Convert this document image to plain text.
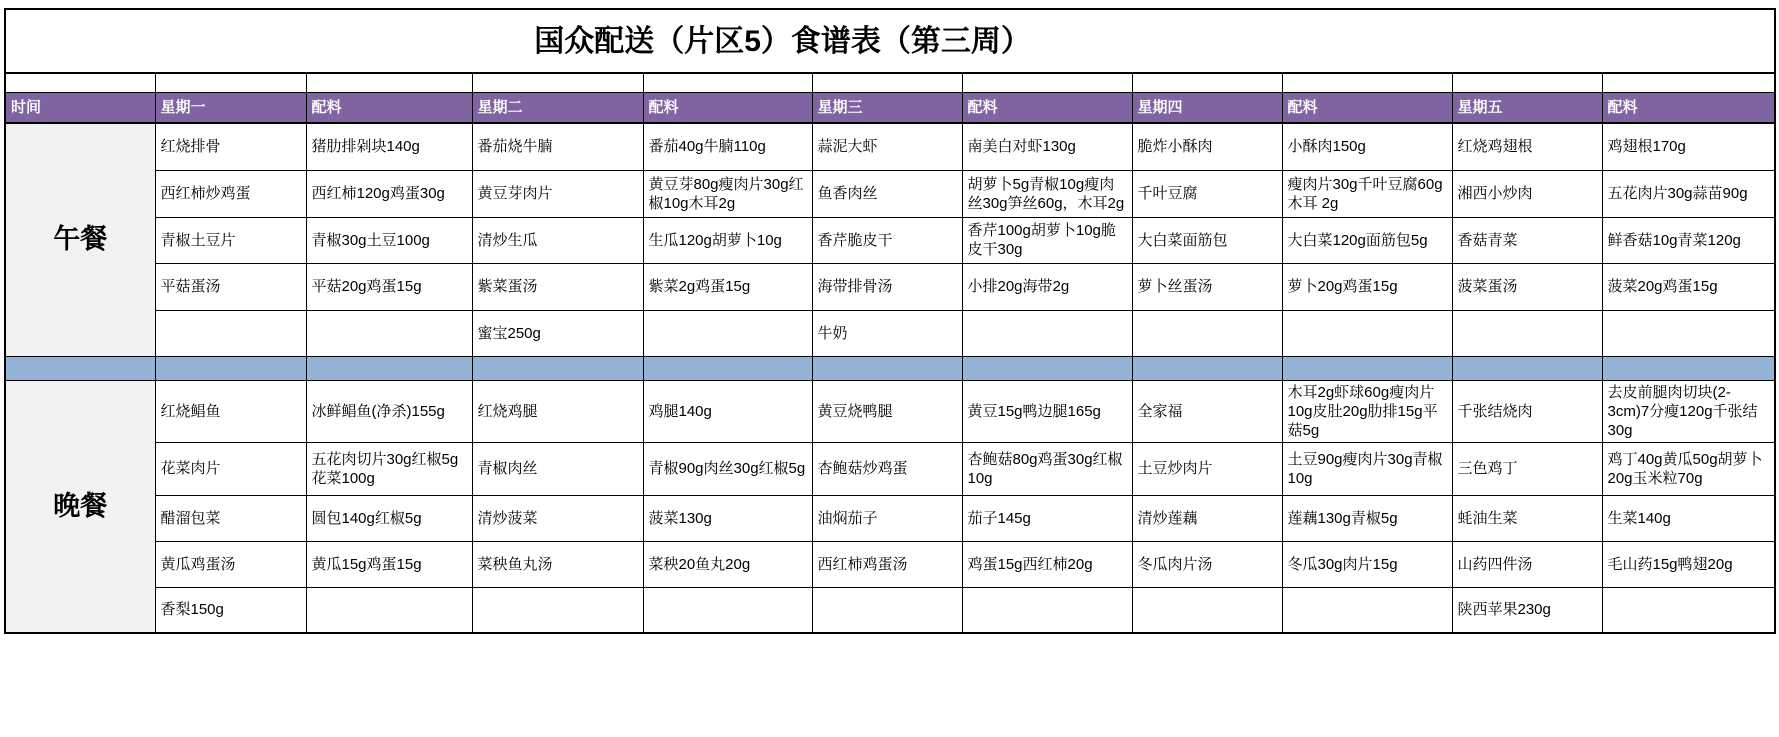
国众配送（片区5）食谱表（第三周）										

时间	星期一	配料	星期二	配料	星期三	配料	星期四	配料	星期五	配料
午餐	红烧排骨	猪肋排剁块140g	番茄烧牛腩	番茄40g牛腩110g	蒜泥大虾	南美白对虾130g	脆炸小酥肉	小酥肉150g	红烧鸡翅根	鸡翅根170g
	西红柿炒鸡蛋	西红柿120g鸡蛋30g	黄豆芽肉片	黄豆芽80g瘦肉片30g红椒10g木耳2g	鱼香肉丝	胡萝卜5g青椒10g瘦肉丝30g笋丝60g，木耳2g	千叶豆腐	瘦肉片30g千叶豆腐60g木耳 2g	湘西小炒肉	五花肉片30g蒜苗90g
	青椒土豆片	青椒30g土豆100g	清炒生瓜	生瓜120g胡萝卜10g	香芹脆皮干	香芹100g胡萝卜10g脆皮干30g	大白菜面筋包	大白菜120g面筋包5g	香菇青菜	鲜香菇10g青菜120g
	平菇蛋汤	平菇20g鸡蛋15g	紫菜蛋汤	紫菜2g鸡蛋15g	海带排骨汤	小排20g海带2g	萝卜丝蛋汤	萝卜20g鸡蛋15g	菠菜蛋汤	菠菜20g鸡蛋15g
			蜜宝250g		牛奶					

晚餐	红烧鲳鱼	冰鲜鲳鱼(净杀)155g	红烧鸡腿	鸡腿140g	黄豆烧鸭腿	黄豆15g鸭边腿165g	全家福	木耳2g虾球60g瘦肉片10g皮肚20g肋排15g平菇5g	千张结烧肉	去皮前腿肉切块(2-3cm)7分瘦120g千张结30g
	花菜肉片	五花肉切片30g红椒5g花菜100g	青椒肉丝	青椒90g肉丝30g红椒5g	杏鲍菇炒鸡蛋	杏鲍菇80g鸡蛋30g红椒10g	土豆炒肉片	土豆90g瘦肉片30g青椒10g	三色鸡丁	鸡丁40g黄瓜50g胡萝卜20g玉米粒70g
	醋溜包菜	圆包140g红椒5g	清炒菠菜	菠菜130g	油焖茄子	茄子145g	清炒莲藕	莲藕130g青椒5g	蚝油生菜	生菜140g
	黄瓜鸡蛋汤	黄瓜15g鸡蛋15g	菜秧鱼丸汤	菜秧20鱼丸20g	西红柿鸡蛋汤	鸡蛋15g西红柿20g	冬瓜肉片汤	冬瓜30g肉片15g	山药四件汤	毛山药15g鸭翅20g
	香梨150g								陕西苹果230g	
